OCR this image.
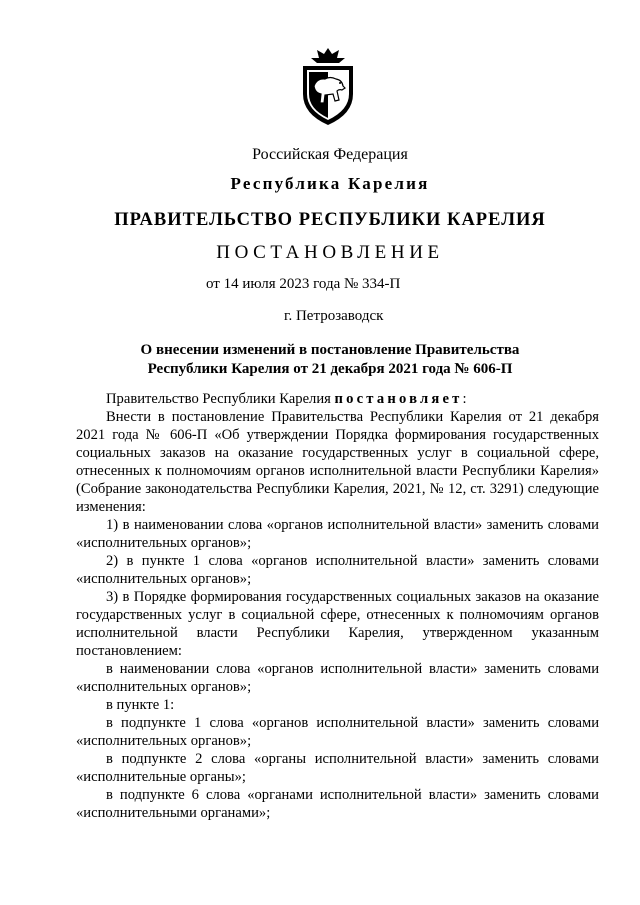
Российская Федерация
Республика Карелия
ПРАВИТЕЛЬСТВО РЕСПУБЛИКИ КАРЕЛИЯ
ПОСТАНОВЛЕНИЕ
от 14 июля 2023 года № 334-П
г. Петрозаводск
О внесении изменений в постановление Правительства
Республики Карелия от 21 декабря 2021 года № 606-П

Правительство Республики Карелия постановляет:

Внести в постановление Правительства Республики Карелия от 21 декабря 2021 года № 606-П «Об утверждении Порядка формирования государственных социальных заказов на оказание государственных услуг в социальной сфере, отнесенных к полномочиям органов исполнительной власти Республики Карелия» (Собрание законодательства Республики Карелия, 2021, № 12, ст. 3291) следующие изменения:

1) в наименовании слова «органов исполнительной власти» заменить словами «исполнительных органов»;

2) в пункте 1 слова «органов исполнительной власти» заменить словами «исполнительных органов»;

3) в Порядке формирования государственных социальных заказов на оказание государственных услуг в социальной сфере, отнесенных к полномочиям органов исполнительной власти Республики Карелия, утвержденном указанным постановлением:

в наименовании слова «органов исполнительной власти» заменить словами «исполнительных органов»;

в пункте 1:

в подпункте 1 слова «органов исполнительной власти» заменить словами «исполнительных органов»;

в подпункте 2 слова «органы исполнительной власти» заменить словами «исполнительные органы»;

в подпункте 6 слова «органами исполнительной власти» заменить словами «исполнительными органами»;
